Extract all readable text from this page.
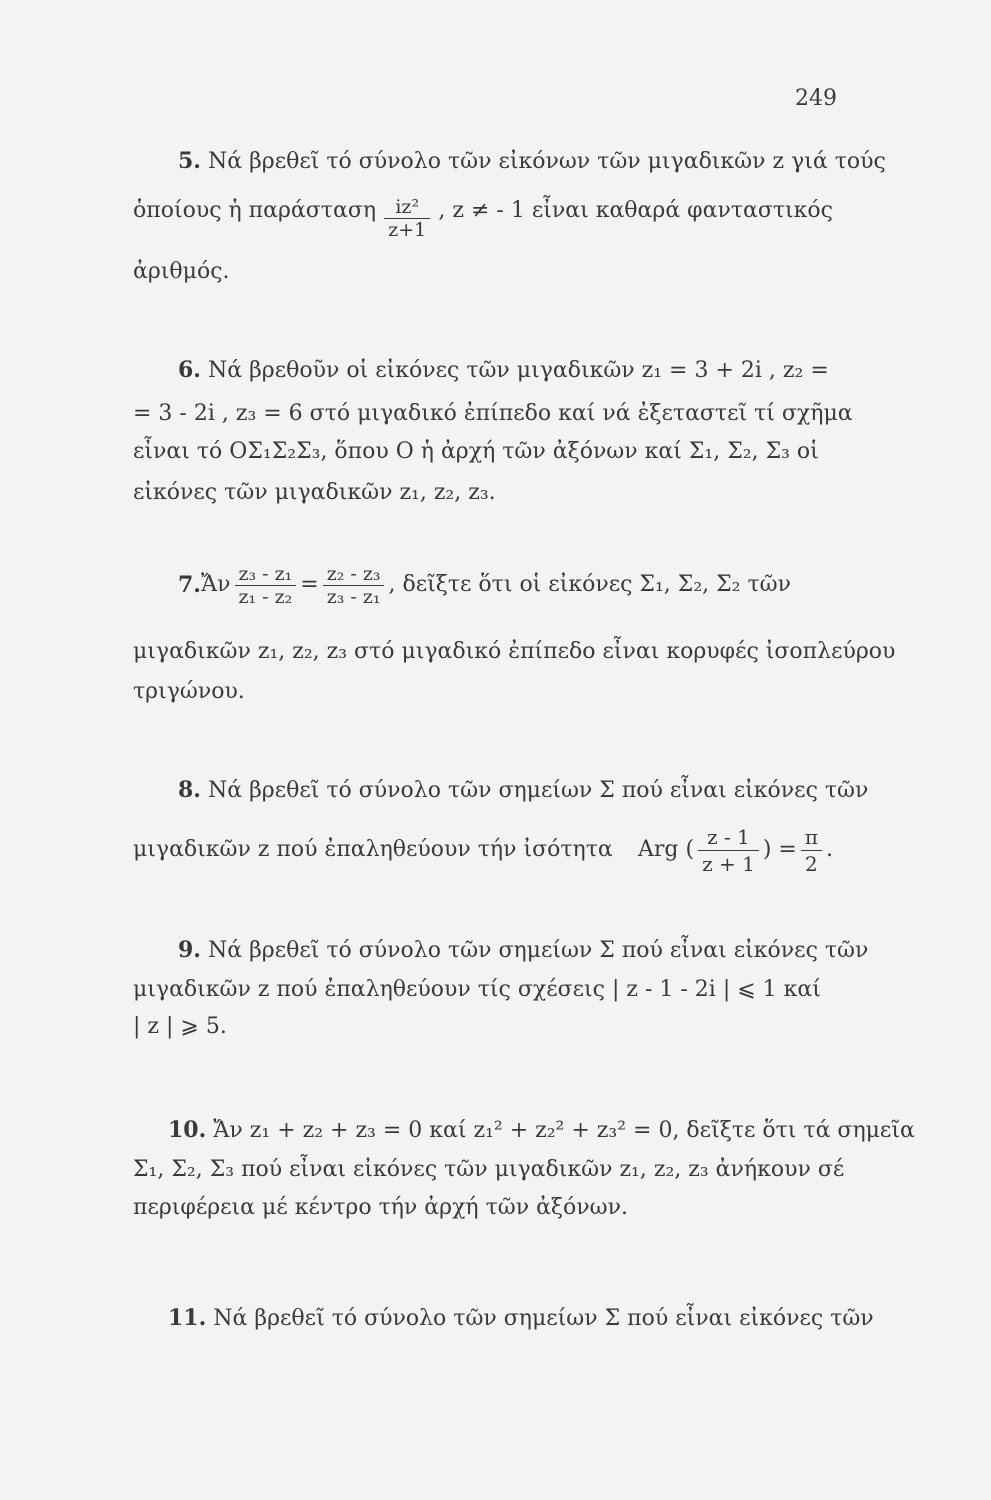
249
5. Νά βρεθεῖ τό σύνολο τῶν εἰκόνων τῶν μιγαδικῶν z γιά τούς
ὁποίους ἡ παράσταση $\frac{\text{iz²}}{z+1}$ , z ≠ - 1 εἶναι καθαρά φανταστικός
ἀριθμός.
6. Νά βρεθοῦν οἱ εἰκόνες τῶν μιγαδικῶν z₁ = 3 + 2i , z₂ =
= 3 - 2i , z₃ = 6 στό μιγαδικό ἐπίπεδο καί νά ἐξεταστεῖ τί σχῆμα
εἶναι τό ΟΣ₁Σ₂Σ₃, ὅπου Ο ἡ ἀρχή τῶν ἀξόνων καί Σ₁, Σ₂, Σ₃ οἱ
εἰκόνες τῶν μιγαδικῶν z₁, z₂, z₃.
7. Ἄν $\frac{\text{z₃ - z₁}}{\text{z₁ - z₂}} = \frac{\text{z₂ - z₃}}{\text{z₃ - z₁}}$ , δεῖξτε ὅτι οἱ εἰκόνες Σ₁, Σ₂, Σ₂ τῶν
μιγαδικῶν z₁, z₂, z₃ στό μιγαδικό ἐπίπεδο εἶναι κορυφές ἰσοπλεύρου
τριγώνου.
8. Νά βρεθεῖ τό σύνολο τῶν σημείων Σ πού εἶναι εἰκόνες τῶν
μιγαδικῶν z πού ἐπαληθεύουν τήν ἰσότητα Arg ( $\frac{z - 1}{z + 1}$ ) = $\frac{\pi}{2}$ .
9. Νά βρεθεῖ τό σύνολο τῶν σημείων Σ πού εἶναι εἰκόνες τῶν
μιγαδικῶν z πού ἐπαληθεύουν τίς σχέσεις | z - 1 - 2i | ⩽ 1 καί
| z | ⩾ 5.
10. Ἄν z₁ + z₂ + z₃ = 0 καί z₁² + z₂² + z₃² = 0, δεῖξτε ὅτι τά σημεῖα
Σ₁, Σ₂, Σ₃ πού εἶναι εἰκόνες τῶν μιγαδικῶν z₁, z₂, z₃ ἀνήκουν σέ
περιφέρεια μέ κέντρο τήν ἀρχή τῶν ἀξόνων.
11. Νά βρεθεῖ τό σύνολο τῶν σημείων Σ πού εἶναι εἰκόνες τῶν
